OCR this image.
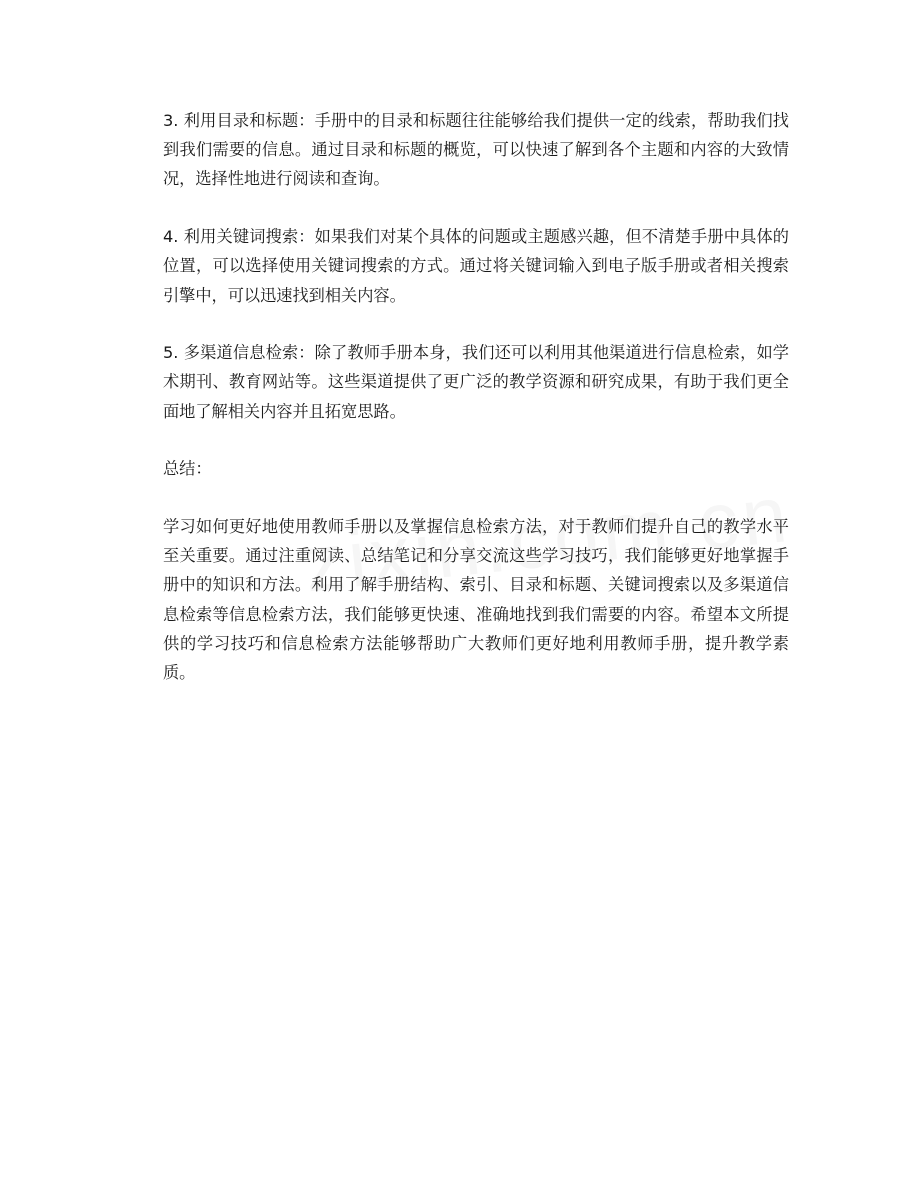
3. 利用目录和标题：手册中的目录和标题往往能够给我们提供一定的线索，帮助我们找到我们需要的信息。通过目录和标题的概览，可以快速了解到各个主题和内容的大致情况，选择性地进行阅读和查询。

4. 利用关键词搜索：如果我们对某个具体的问题或主题感兴趣，但不清楚手册中具体的位置，可以选择使用关键词搜索的方式。通过将关键词输入到电子版手册或者相关搜索引擎中，可以迅速找到相关内容。

5. 多渠道信息检索：除了教师手册本身，我们还可以利用其他渠道进行信息检索，如学术期刊、教育网站等。这些渠道提供了更广泛的教学资源和研究成果，有助于我们更全面地了解相关内容并且拓宽思路。

总结：

学习如何更好地使用教师手册以及掌握信息检索方法，对于教师们提升自己的教学水平至关重要。通过注重阅读、总结笔记和分享交流这些学习技巧，我们能够更好地掌握手册中的知识和方法。利用了解手册结构、索引、目录和标题、关键词搜索以及多渠道信息检索等信息检索方法，我们能够更快速、准确地找到我们需要的内容。希望本文所提供的学习技巧和信息检索方法能够帮助广大教师们更好地利用教师手册，提升教学素质。
